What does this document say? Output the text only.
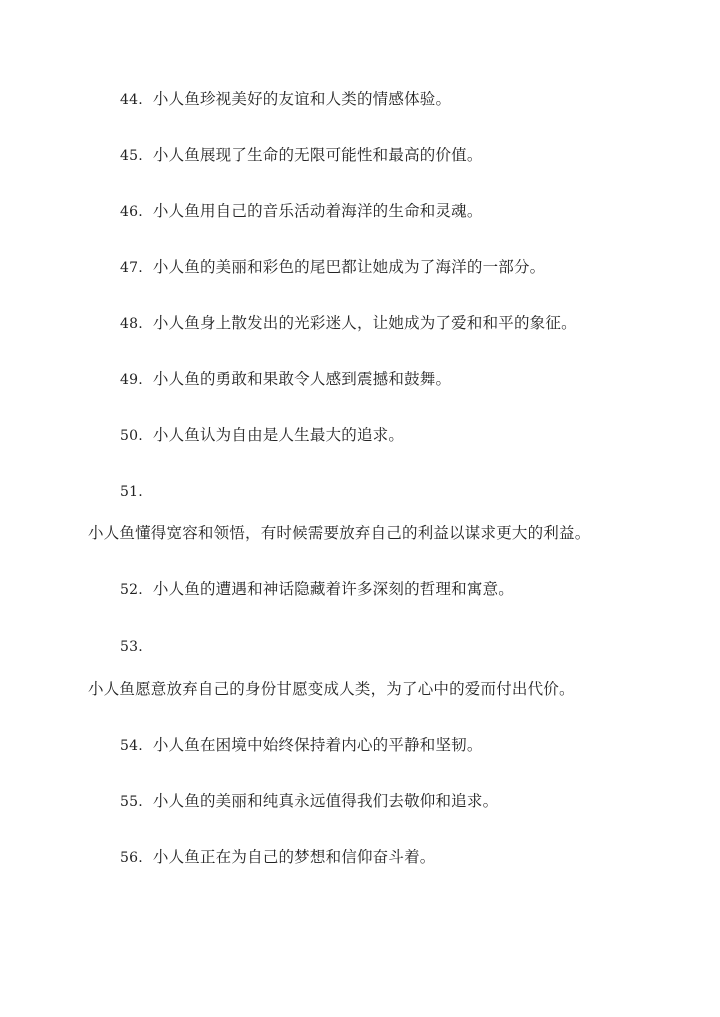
44. 小人鱼珍视美好的友谊和人类的情感体验。
45. 小人鱼展现了生命的无限可能性和最高的价值。
46. 小人鱼用自己的音乐活动着海洋的生命和灵魂。
47. 小人鱼的美丽和彩色的尾巴都让她成为了海洋的一部分。
48. 小人鱼身上散发出的光彩迷人，让她成为了爱和和平的象征。
49. 小人鱼的勇敢和果敢令人感到震撼和鼓舞。
50. 小人鱼认为自由是人生最大的追求。
51.
小人鱼懂得宽容和领悟，有时候需要放弃自己的利益以谋求更大的利益。
52. 小人鱼的遭遇和神话隐藏着许多深刻的哲理和寓意。
53.
小人鱼愿意放弃自己的身份甘愿变成人类，为了心中的爱而付出代价。
54. 小人鱼在困境中始终保持着内心的平静和坚韧。
55. 小人鱼的美丽和纯真永远值得我们去敬仰和追求。
56. 小人鱼正在为自己的梦想和信仰奋斗着。
